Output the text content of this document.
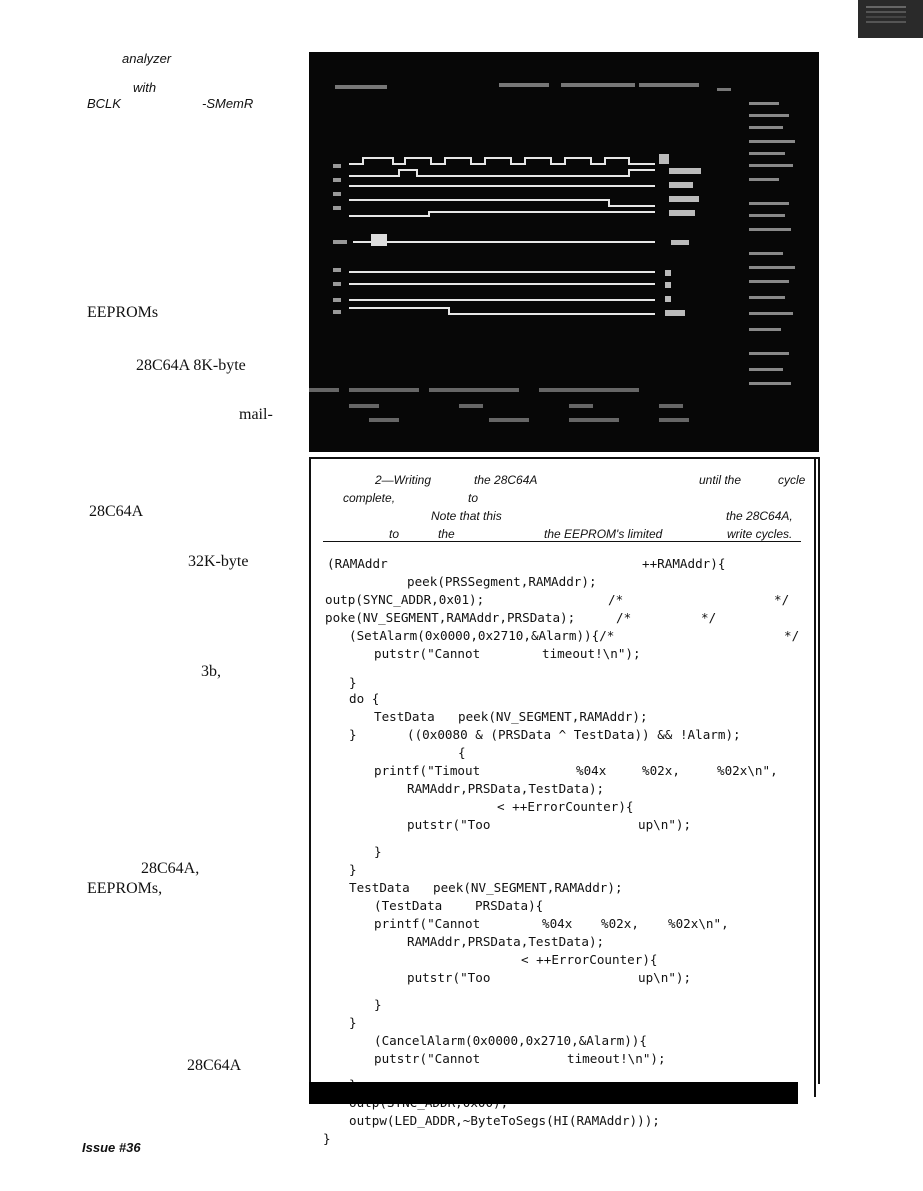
analyzer
with
BCLK	-SMemR
EEPROMs
28C64A 8K-byte
mail-
28C64A
32K-byte
3b,
28C64A,
EEPROMs,
28C64A
2—Writing	the 28C64A	until the	cycle
complete,	to
Note that this	the 28C64A,
to	the	the EEPROM's limited	write cycles.
(RAMAddr	++RAMAddr){
peek(PRSSegment,RAMAddr);
outp(SYNC_ADDR,0x01);	/*	*/
poke(NV_SEGMENT,RAMAddr,PRSData);	/*	*/
(SetAlarm(0x0000,0x2710,&Alarm)){/*	*/
putstr("Cannot	timeout!\n");
}
do {
TestData peek(NV_SEGMENT,RAMAddr);
}	((0x0080 & (PRSData ^ TestData)) && !Alarm);
{
printf("Timout	%04x	%02x,	%02x\n",
RAMAddr,PRSData,TestData);
< ++ErrorCounter){
putstr("Too	up\n");
}
}
TestData peek(NV_SEGMENT,RAMAddr);
(TestData	PRSData){
printf("Cannot	%04x %02x, %02x\n",
RAMAddr,PRSData,TestData);
< ++ErrorCounter){
putstr("Too	up\n");
}
}
(CancelAlarm(0x0000,0x2710,&Alarm)){
putstr("Cannot	timeout!\n");
outpw(LED_ADDR,~ByteToSegs(HI(RAMAddr)));
}
Issue #36
